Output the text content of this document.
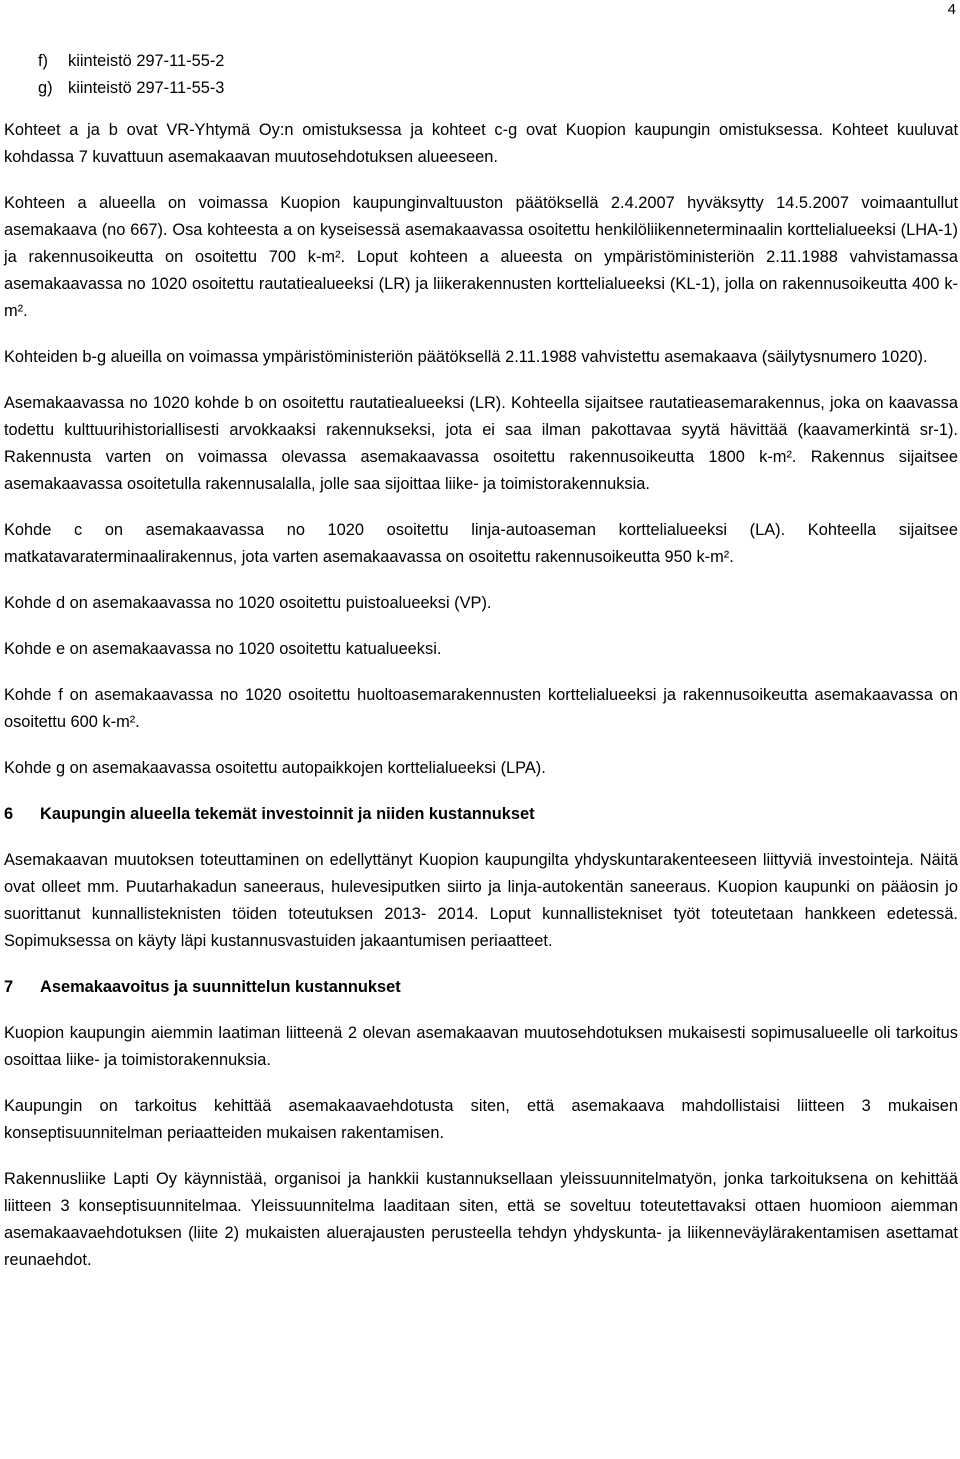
4
f) kiinteistö 297-11-55-2
g) kiinteistö 297-11-55-3

Kohteet a ja b ovat VR-Yhtymä Oy:n omistuksessa ja kohteet c-g ovat Kuopion kaupungin omistuksessa. Kohteet kuuluvat kohdassa 7 kuvattuun asemakaavan muutosehdotuksen alueeseen.

Kohteen a alueella on voimassa Kuopion kaupunginvaltuuston päätöksellä 2.4.2007 hyväksytty 14.5.2007 voimaantullut asemakaava (no 667). Osa kohteesta a on kyseisessä asemakaavassa osoitettu henkilöliikenneterminaalin korttelialueeksi (LHA-1) ja rakennusoikeutta on osoitettu 700 k-m². Loput kohteen a alueesta on ympäristöministeriön 2.11.1988 vahvistamassa asemakaavassa no 1020 osoitettu rautatiealueeksi (LR) ja liikerakennusten korttelialueeksi (KL-1), jolla on rakennusoikeutta 400 k-m².

Kohteiden b-g alueilla on voimassa ympäristöministeriön päätöksellä 2.11.1988 vahvistettu asemakaava (säilytysnumero 1020).

Asemakaavassa no 1020 kohde b on osoitettu rautatiealueeksi (LR). Kohteella sijaitsee rautatieasemarakennus, joka on kaavassa todettu kulttuurihistoriallisesti arvokkaaksi rakennukseksi, jota ei saa ilman pakottavaa syytä hävittää (kaavamerkintä sr-1). Rakennusta varten on voimassa olevassa asemakaavassa osoitettu rakennusoikeutta 1800 k-m². Rakennus sijaitsee asemakaavassa osoitetulla rakennusalalla, jolle saa sijoittaa liike- ja toimistorakennuksia.

Kohde c on asemakaavassa no 1020 osoitettu linja-autoaseman korttelialueeksi (LA). Kohteella sijaitsee matkatavaraterminaalirakennus, jota varten asemakaavassa on osoitettu rakennusoikeutta 950 k-m².

Kohde d on asemakaavassa no 1020 osoitettu puistoalueeksi (VP).

Kohde e on asemakaavassa no 1020 osoitettu katualueeksi.

Kohde f on asemakaavassa no 1020 osoitettu huoltoasemarakennusten korttelialueeksi ja rakennusoikeutta asemakaavassa on osoitettu 600 k-m².

Kohde g on asemakaavassa osoitettu autopaikkojen korttelialueeksi (LPA).

6 Kaupungin alueella tekemät investoinnit ja niiden kustannukset

Asemakaavan muutoksen toteuttaminen on edellyttänyt Kuopion kaupungilta yhdyskuntarakenteeseen liittyviä investointeja. Näitä ovat olleet mm. Puutarhakadun saneeraus, hulevesiputken siirto ja linja-autokentän saneeraus. Kuopion kaupunki on pääosin jo suorittanut kunnallisteknisten töiden toteutuksen 2013- 2014. Loput kunnallistekniset työt toteutetaan hankkeen edetessä. Sopimuksessa on käyty läpi kustannusvastuiden jakaantumisen periaatteet.

7 Asemakaavoitus ja suunnittelun kustannukset

Kuopion kaupungin aiemmin laatiman liitteenä 2 olevan asemakaavan muutosehdotuksen mukaisesti sopimusalueelle oli tarkoitus osoittaa liike- ja toimistorakennuksia.

Kaupungin on tarkoitus kehittää asemakaavaehdotusta siten, että asemakaava mahdollistaisi liitteen 3 mukaisen konseptisuunnitelman periaatteiden mukaisen rakentamisen.

Rakennusliike Lapti Oy käynnistää, organisoi ja hankkii kustannuksellaan yleissuunnitelmatyön, jonka tarkoituksena on kehittää liitteen 3 konseptisuunnitelmaa. Yleissuunnitelma laaditaan siten, että se soveltuu toteutettavaksi ottaen huomioon aiemman asemakaavaehdotuksen (liite 2) mukaisten aluerajausten perusteella tehdyn yhdyskunta- ja liikenneväylärakentamisen asettamat reunaehdot.
